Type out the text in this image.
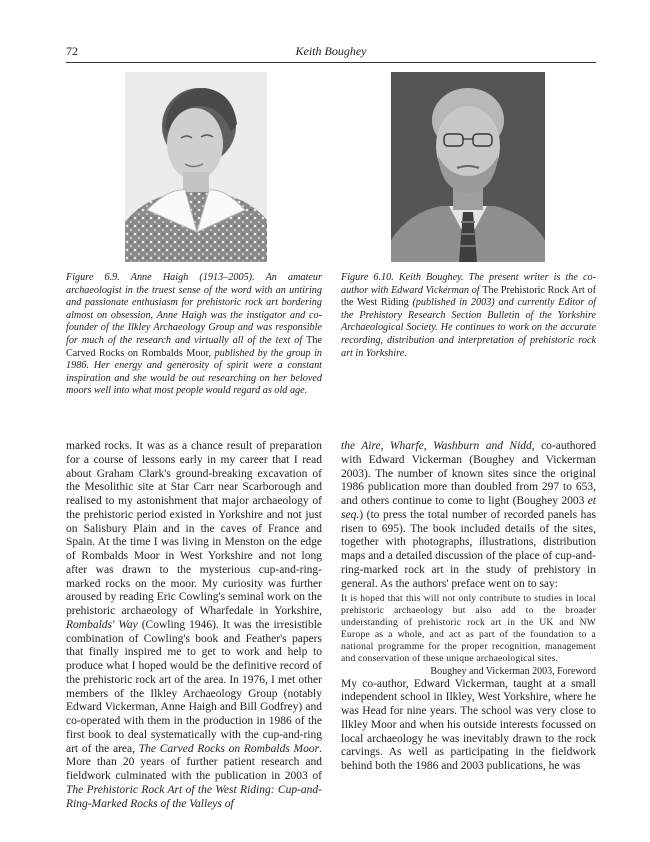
72	Keith Boughey
Figure 6.9. Anne Haigh (1913–2005). An amateur archaeologist in the truest sense of the word with an untiring and passionate enthusiasm for prehistoric rock art bordering almost on obsession, Anne Haigh was the instigator and co-founder of the Ilkley Archaeology Group and was responsible for much of the research and virtually all of the text of The Carved Rocks on Rombalds Moor, published by the group in 1986. Her energy and generosity of spirit were a constant inspiration and she would be out researching on her beloved moors well into what most people would regard as old age.
Figure 6.10. Keith Boughey. The present writer is the co-author with Edward Vickerman of The Prehistoric Rock Art of the West Riding (published in 2003) and currently Editor of the Prehistory Research Section Bulletin of the Yorkshire Archaeological Society. He continues to work on the accurate recording, distribution and interpretation of prehistoric rock art in Yorkshire.

marked rocks. It was as a chance result of preparation for a course of lessons early in my career that I read about Graham Clark's ground-breaking excavation of the Mesolithic site at Star Carr near Scarborough and realised to my astonishment that major archaeology of the prehistoric period existed in Yorkshire and not just on Salisbury Plain and in the caves of France and Spain. At the time I was living in Menston on the edge of Rombalds Moor in West Yorkshire and not long after was drawn to the mysterious cup-and-ring-marked rocks on the moor. My curiosity was further aroused by reading Eric Cowling's seminal work on the prehistoric archaeology of Wharfedale in Yorkshire, Rombalds' Way (Cowling 1946). It was the irresistible combination of Cowling's book and Feather's papers that finally inspired me to get to work and help to produce what I hoped would be the definitive record of the prehistoric rock art of the area. In 1976, I met other members of the Ilkley Archaeology Group (notably Edward Vickerman, Anne Haigh and Bill Godfrey) and co-operated with them in the production in 1986 of the first book to deal systematically with the cup-and-ring art of the area, The Carved Rocks on Rombalds Moor. More than 20 years of further patient research and fieldwork culminated with the publication in 2003 of The Prehistoric Rock Art of the West Riding: Cup-and-Ring-Marked Rocks of the Valleys of

the Aire, Wharfe, Washburn and Nidd, co-authored with Edward Vickerman (Boughey and Vickerman 2003). The number of known sites since the original 1986 publication more than doubled from 297 to 653, and others continue to come to light (Boughey 2003 et seq.) (to press the total number of recorded panels has risen to 695). The book included details of the sites, together with photographs, illustrations, distribution maps and a detailed discussion of the place of cup-and-ring-marked rock art in the study of prehistory in general. As the authors' preface went on to say:

It is hoped that this will not only contribute to studies in local prehistoric archaeology but also add to the broader understanding of prehistoric rock art in the UK and NW Europe as a whole, and act as part of the foundation to a national programme for the proper recognition, management and conservation of these unique archaeological sites.

Boughey and Vickerman 2003, Foreword

My co-author, Edward Vickerman, taught at a small independent school in Ilkley, West Yorkshire, where he was Head for nine years. The school was very close to Ilkley Moor and when his outside interests focussed on local archaeology he was inevitably drawn to the rock carvings. As well as participating in the fieldwork behind both the 1986 and 2003 publications, he was
